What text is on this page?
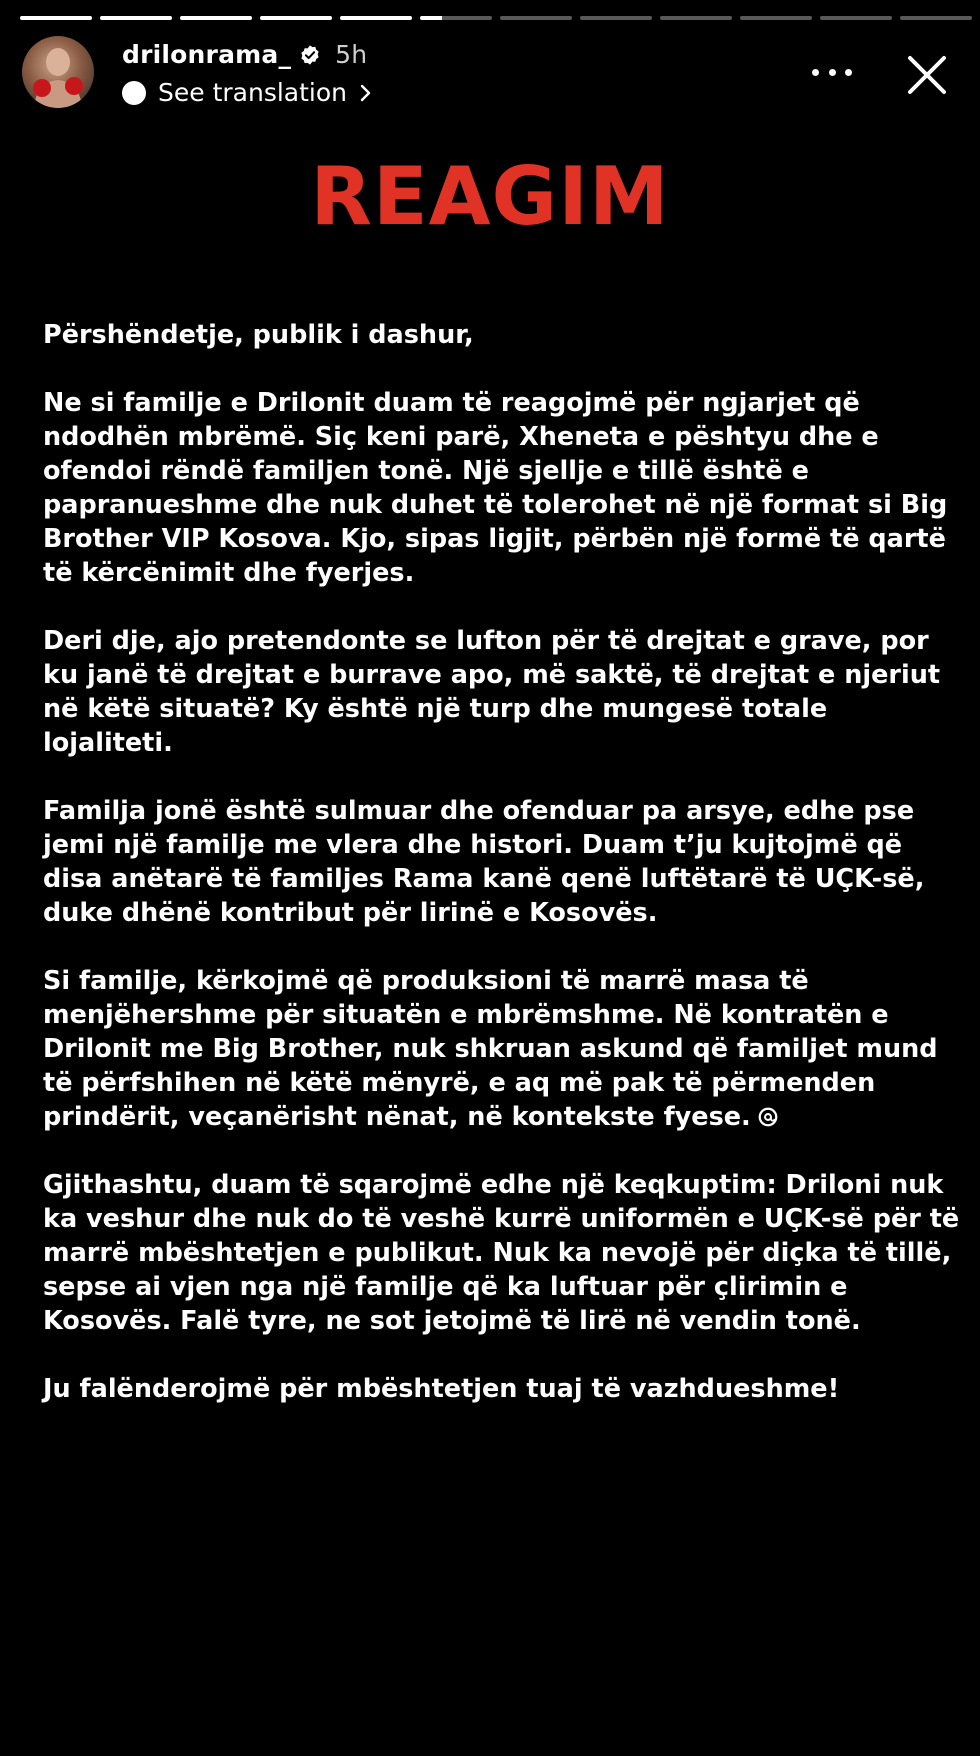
drilonrama_ 5h
See translation
REAGIM

Përshëndetje, publik i dashur,

Ne si familje e Drilonit duam të reagojmë për ngjarjet që ndodhën mbrëmë. Siç keni parë, Xheneta e pështyu dhe e ofendoi rëndë familjen tonë. Një sjellje e tillë është e papranueshme dhe nuk duhet të tolerohet në një format si Big Brother VIP Kosova. Kjo, sipas ligjit, përbën një formë të qartë të kërcënimit dhe fyerjes.

Deri dje, ajo pretendonte se lufton për të drejtat e grave, por ku janë të drejtat e burrave apo, më saktë, të drejtat e njeriut në këtë situatë? Ky është një turp dhe mungesë totale lojaliteti.

Familja jonë është sulmuar dhe ofenduar pa arsye, edhe pse jemi një familje me vlera dhe histori. Duam t’ju kujtojmë që disa anëtarë të familjes Rama kanë qenë luftëtarë të UÇK-së, duke dhënë kontribut për lirinë e Kosovës.

Si familje, kërkojmë që produksioni të marrë masa të menjëhershme për situatën e mbrëmshme. Në kontratën e Drilonit me Big Brother, nuk shkruan askund që familjet mund të përfshihen në këtë mënyrë, e aq më pak të përmenden prindërit, veçanërisht nënat, në kontekste fyese.

Gjithashtu, duam të sqarojmë edhe një keqkuptim: Driloni nuk ka veshur dhe nuk do të veshë kurrë uniformën e UÇK-së për të marrë mbështetjen e publikut. Nuk ka nevojë për diçka të tillë, sepse ai vjen nga një familje që ka luftuar për çlirimin e Kosovës. Falë tyre, ne sot jetojmë të lirë në vendin tonë.

Ju falënderojmë për mbështetjen tuaj të vazhdueshme!
